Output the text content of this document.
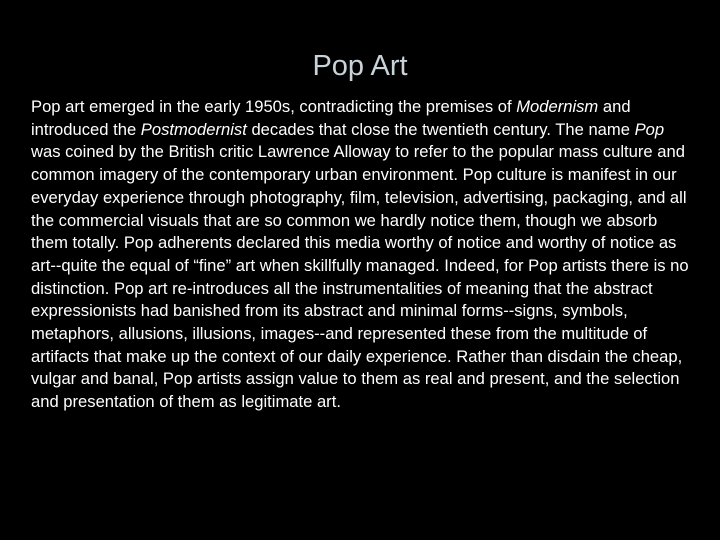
Pop Art

Pop art emerged in the early 1950s, contradicting the premises of Modernism and introduced the Postmodernist decades that close the twentieth century. The name Pop was coined by the British critic Lawrence Alloway to refer to the popular mass culture and common imagery of the contemporary urban environment. Pop culture is manifest in our everyday experience through photography, film, television, advertising, packaging, and all the commercial visuals that are so common we hardly notice them, though we absorb them totally. Pop adherents declared this media worthy of notice and worthy of notice as art--quite the equal of “fine” art when skillfully managed. Indeed, for Pop artists there is no distinction. Pop art re-introduces all the instrumentalities of meaning that the abstract expressionists had banished from its abstract and minimal forms--signs, symbols, metaphors, allusions, illusions, images--and represented these from the multitude of artifacts that make up the context of our daily experience. Rather than disdain the cheap, vulgar and banal, Pop artists assign value to them as real and present, and the selection and presentation of them as legitimate art.
